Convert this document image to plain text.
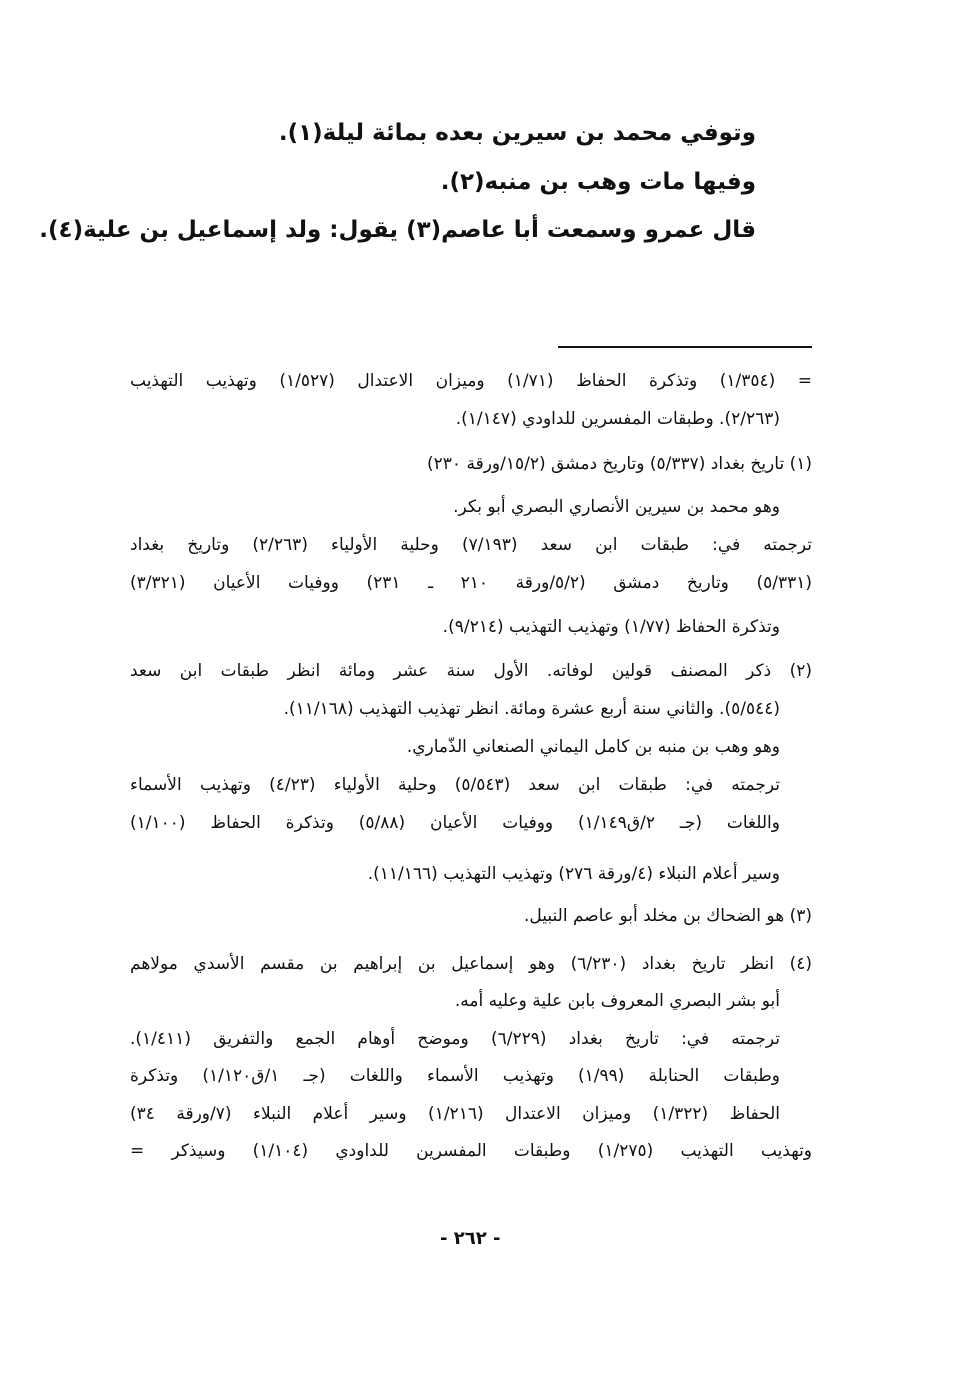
وتوفي محمد بن سيرين بعده بمائة ليلة(١).
وفيها مات وهب بن منبه(٢).
قال عمرو وسمعت أبا عاصم(٣) يقول: ولد إسماعيل بن علية(٤).
= (١/٣٥٤) وتذكرة الحفاظ (١/٧١) وميزان الاعتدال (١/٥٢٧) وتهذيب التهذيب
(٢/٢٦٣). وطبقات المفسرين للداودي (١/١٤٧).
(١) تاريخ بغداد (٥/٣٣٧) وتاريخ دمشق (١٥/٢/ورقة ٢٣٠)
وهو محمد بن سيرين الأنصاري البصري أبو بكر.
ترجمته في: طبقات ابن سعد (٧/١٩٣) وحلية الأولياء (٢/٢٦٣) وتاريخ بغداد
(٥/٣٣١) وتاريخ دمشق (٥/٢/ورقة ٢١٠ ـ ٢٣١) ووفيات الأعيان (٣/٣٢١)
وتذكرة الحفاظ (١/٧٧) وتهذيب التهذيب (٩/٢١٤).
(٢) ذكر المصنف قولين لوفاته. الأول سنة عشر ومائة انظر طبقات ابن سعد
(٥/٥٤٤). والثاني سنة أربع عشرة ومائة. انظر تهذيب التهذيب (١١/١٦٨).
وهو وهب بن منبه بن كامل اليماني الصنعاني الذّماري.
ترجمته في: طبقات ابن سعد (٥/٥٤٣) وحلية الأولياء (٤/٢٣) وتهذيب الأسماء
واللغات (جـ ٢/ق١/١٤٩) ووفيات الأعيان (٥/٨٨) وتذكرة الحفاظ (١/١٠٠)
وسير أعلام النبلاء (٤/ورقة ٢٧٦) وتهذيب التهذيب (١١/١٦٦).
(٣) هو الضحاك بن مخلد أبو عاصم النبيل.
(٤) انظر تاريخ بغداد (٦/٢٣٠) وهو إسماعيل بن إبراهيم بن مقسم الأسدي مولاهم
أبو بشر البصري المعروف بابن علية وعليه أمه.
ترجمته في: تاريخ بغداد (٦/٢٢٩) وموضح أوهام الجمع والتفريق (١/٤١١).
وطبقات الحنابلة (١/٩٩) وتهذيب الأسماء واللغات (جـ ١/ق١/١٢٠) وتذكرة
الحفاظ (١/٣٢٢) وميزان الاعتدال (١/٢١٦) وسير أعلام النبلاء (٧/ورقة ٣٤)
وتهذيب التهذيب (١/٢٧٥) وطبقات المفسرين للداودي (١/١٠٤) وسيذكر =
- ٢٦٢ -
